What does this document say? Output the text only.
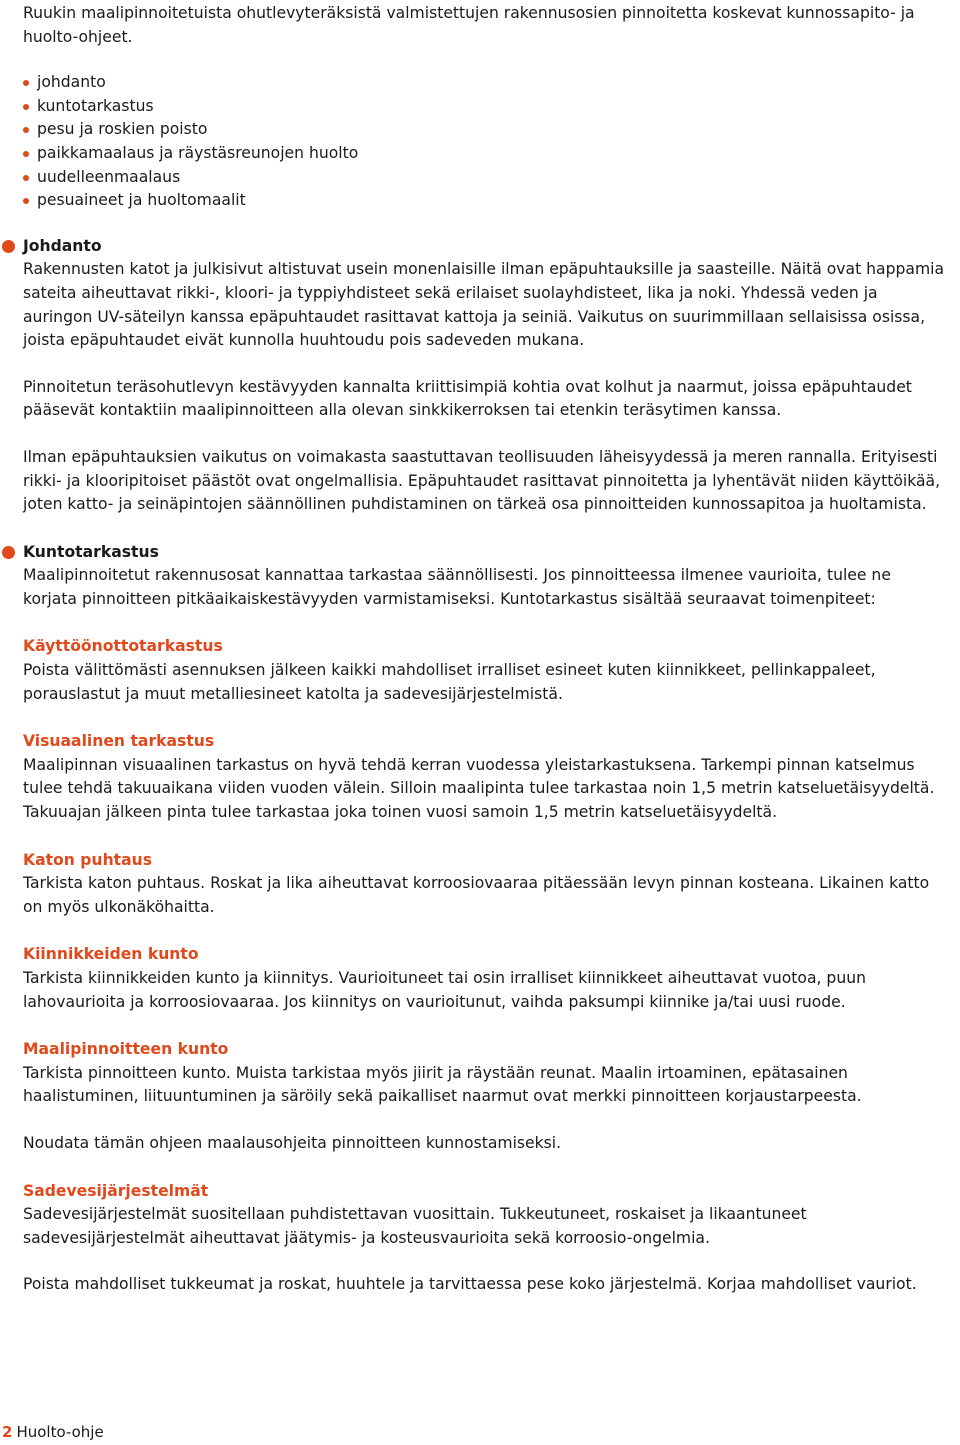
Ruukin maalipinnoitetuista ohutlevyteräksistä valmistettujen rakennusosien pinnoitetta koskevat kunnossapito- ja huolto-ohjeet.

johdanto
kuntotarkastus
pesu ja roskien poisto
paikkamaalaus ja räystäsreunojen huolto
uudelleenmaalaus
pesuaineet ja huoltomaalit
Johdanto

Rakennusten katot ja julkisivut altistuvat usein monenlaisille ilman epäpuhtauksille ja saasteille. Näitä ovat happamia sateita aiheuttavat rikki-, kloori- ja typpiyhdisteet sekä erilaiset suolayhdisteet, lika ja noki. Yhdessä veden ja auringon UV-säteilyn kanssa epäpuhtaudet rasittavat kattoja ja seiniä. Vaikutus on suurimmillaan sellaisissa osissa, joista epäpuhtaudet eivät kunnolla huuhtoudu pois sadeveden mukana.

Pinnoitetun teräsohutlevyn kestävyyden kannalta kriittisimpiä kohtia ovat kolhut ja naarmut, joissa epäpuhtaudet pääsevät kontaktiin maalipinnoitteen alla olevan sinkkikerroksen tai etenkin teräsytimen kanssa.

Ilman epäpuhtauksien vaikutus on voimakasta saastuttavan teollisuuden läheisyydessä ja meren rannalla. Erityisesti rikki- ja klooripitoiset päästöt ovat ongelmallisia. Epäpuhtaudet rasittavat pinnoitetta ja lyhentävät niiden käyttöikää, joten katto- ja seinäpintojen säännöllinen puhdistaminen on tärkeä osa pinnoitteiden kunnossapitoa ja huoltamista.

Kuntotarkastus

Maalipinnoitetut rakennusosat kannattaa tarkastaa säännöllisesti. Jos pinnoitteessa ilmenee vaurioita, tulee ne korjata pinnoitteen pitkäaikaiskestävyyden varmistamiseksi. Kuntotarkastus sisältää seuraavat toimenpiteet:

Käyttöönottotarkastus

Poista välittömästi asennuksen jälkeen kaikki mahdolliset irralliset esineet kuten kiinnikkeet, pellinkappaleet, porauslastut ja muut metalliesineet katolta ja sadevesijärjestelmistä.

Visuaalinen tarkastus

Maalipinnan visuaalinen tarkastus on hyvä tehdä kerran vuodessa yleistarkastuksena. Tarkempi pinnan katselmus tulee tehdä takuuaikana viiden vuoden välein. Silloin maalipinta tulee tarkastaa noin 1,5 metrin katseluetäisyydeltä. Takuuajan jälkeen pinta tulee tarkastaa joka toinen vuosi samoin 1,5 metrin katseluetäisyydeltä.

Katon puhtaus

Tarkista katon puhtaus. Roskat ja lika aiheuttavat korroosiovaaraa pitäessään levyn pinnan kosteana. Likainen katto on myös ulkonäköhaitta.

Kiinnikkeiden kunto

Tarkista kiinnikkeiden kunto ja kiinnitys. Vaurioituneet tai osin irralliset kiinnikkeet aiheuttavat vuotoa, puun lahovaurioita ja korroosiovaaraa. Jos kiinnitys on vaurioitunut, vaihda paksumpi kiinnike ja/tai uusi ruode.

Maalipinnoitteen kunto

Tarkista pinnoitteen kunto. Muista tarkistaa myös jiirit ja räystään reunat. Maalin irtoaminen, epätasainen haalistuminen, liituuntuminen ja säröily sekä paikalliset naarmut ovat merkki pinnoitteen korjaustarpeesta.

Noudata tämän ohjeen maalausohjeita pinnoitteen kunnostamiseksi.

Sadevesijärjestelmät

Sadevesijärjestelmät suositellaan puhdistettavan vuosittain. Tukkeutuneet, roskaiset ja likaantuneet sadevesijärjestelmät aiheuttavat jäätymis- ja kosteusvaurioita sekä korroosio-ongelmia.

Poista mahdolliset tukkeumat ja roskat, huuhtele ja tarvittaessa pese koko järjestelmä. Korjaa mahdolliset vauriot.

2 Huolto-ohje
